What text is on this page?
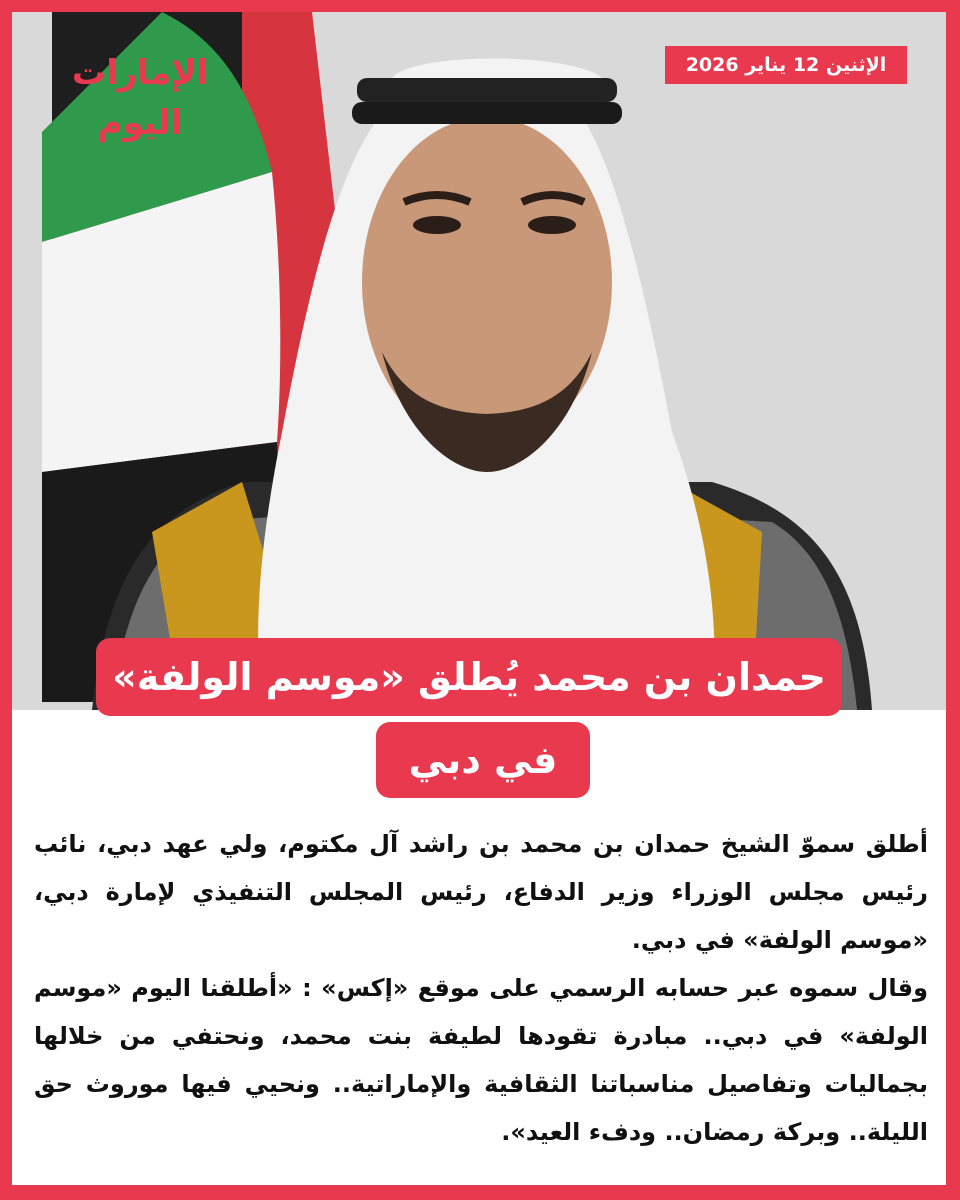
الإمارات اليوم
الإثنين 12 يناير 2026
حمدان بن محمد يُطلق «موسم الولفة»
في دبي

أطلق سموّ الشيخ حمدان بن محمد بن راشد آل مكتوم، ولي عهد دبي، نائب رئيس مجلس الوزراء وزير الدفاع، رئيس المجلس التنفيذي لإمارة دبي، «موسم الولفة» في دبي.

وقال سموه عبر حسابه الرسمي على موقع «إكس» : «أطلقنا اليوم «موسم الولفة» في دبي.. مبادرة تقودها لطيفة بنت محمد، ونحتفي من خلالها بجماليات وتفاصيل مناسباتنا الثقافية والإماراتية.. ونحيي فيها موروث حق الليلة.. وبركة رمضان.. ودفء العيد».
